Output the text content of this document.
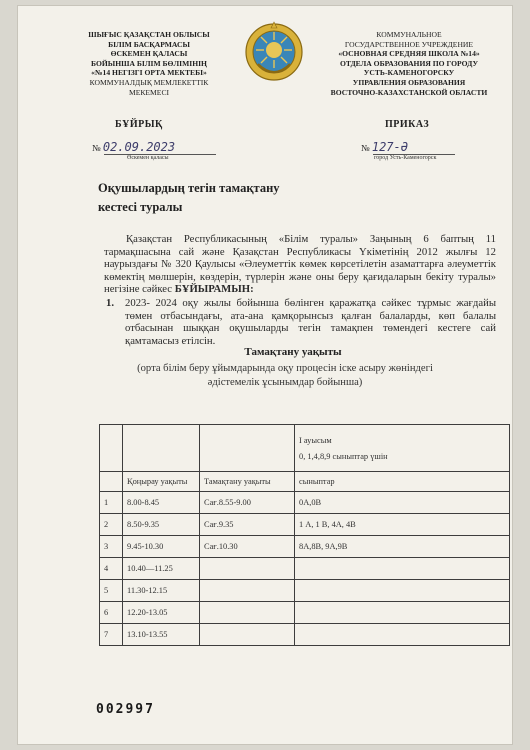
ШЫҒЫС ҚАЗАҚСТАН ОБЛЫСЫ
БІЛІМ БАСҚАРМАСЫ
ӨСКЕМЕН ҚАЛАСЫ
БОЙЫНША БІЛІМ БӨЛІМІНІҢ
«№14 НЕГІЗГІ ОРТА МЕКТЕБІ»
КОММУНАЛДЫҚ МЕМЛЕКЕТТІК
МЕКЕМЕСІ
КОММУНАЛЬНОЕ
ГОСУДАРСТВЕННОЕ УЧРЕЖДЕНИЕ
«ОСНОВНАЯ СРЕДНЯЯ ШКОЛА №14»
ОТДЕЛА ОБРАЗОВАНИЯ ПО ГОРОДУ
УСТЬ-КАМЕНОГОРСКУ
УПРАВЛЕНИЯ ОБРАЗОВАНИЯ
ВОСТОЧНО-КАЗАХСТАНСКОЙ ОБЛАСТИ
БҰЙРЫҚ	ПРИКАЗ
№ 02.09.2023	№ 127-Ә
Өскемен қаласы	город Усть-Каменогорск
Оқушылардың тегін тамақтану
кестесі туралы
Қазақстан Республикасының «Білім туралы» Заңының 6 баптың 11 тармақшасына сай және Қазақстан Республикасы Үкіметінің 2012 жылғы 12 наурыздағы № 320 Қаулысы «Әлеуметтік көмек көрсетілетін азаматтарға әлеуметтік көмектің мөлшерін, көздерін, түрлерін және оны беру қағидаларын бекіту туралы» негізіне сәйкес БҰЙЫРАМЫН:
1. 2023- 2024 оқу жылы бойынша бөлінген қаражатқа сәйкес тұрмыс жағдайы төмен отбасындағы, ата-ана қамқорынсыз қалған балаларды, көп балалы отбасынан шыққан оқушыларды тегін тамақпен төмендегі кестеге сай қамтамасыз етілсін.
Тамақтану уақыты
(орта білім беру ұйымдарында оқу процесін іске асыру жөніндегі әдістемелік ұсынымдар бойынша)

			I ауысым
0, 1,4,8,9 сыныптар үшін

	Қоңырау уақыты	Тамақтану уақыты	сыныптар
1	8.00-8.45	Сағ.8.55-9.00	0А,0В
2	8.50-9.35	Сағ.9.35	1 А, 1 В, 4А, 4В
3	9.45-10.30	Сағ.10.30	8А,8В, 9А,9В
4	10.40—11.25		
5	11.30-12.15		
6	12.20-13.05		
7	13.10-13.55		
002997
